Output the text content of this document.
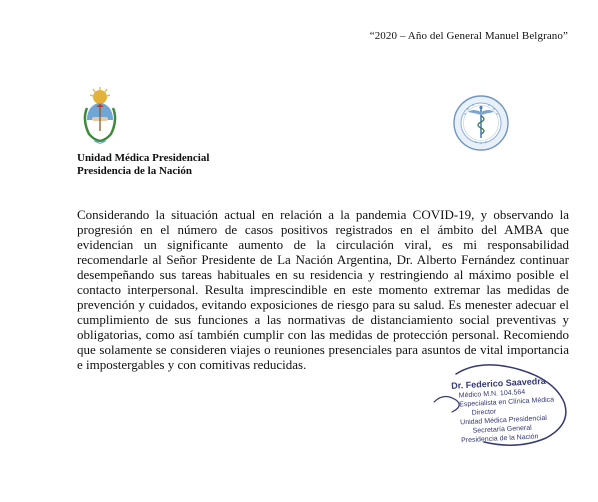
“2020 – Año del General Manuel Belgrano”
Unidad Médica Presidencial
Presidencia de la Nación
Considerando la situación actual en relación a la pandemia COVID-19, y observando la progresión en el número de casos positivos registrados en el ámbito del AMBA que evidencian un significante aumento de la circulación viral, es mi responsabilidad recomendarle al Señor Presidente de La Nación Argentina, Dr. Alberto Fernández continuar desempeñando sus tareas habituales en su residencia y restringiendo al máximo posible el contacto interpersonal. Resulta imprescindible en este momento extremar las medidas de prevención y cuidados, evitando exposiciones de riesgo para su salud. Es menester adecuar el cumplimiento de sus funciones a las normativas de distanciamiento social preventivas y obligatorias, como así también cumplir con las medidas de protección personal. Recomiendo que solamente se consideren viajes o reuniones presenciales para asuntos de vital importancia e impostergables y con comitivas reducidas.
Dr. Federico Saavedra
Médico M.N. 104.564
Especialista en Clínica Médica
Director
Unidad Médica Presidencial
Secretaría General
Presidencia de la Nación
